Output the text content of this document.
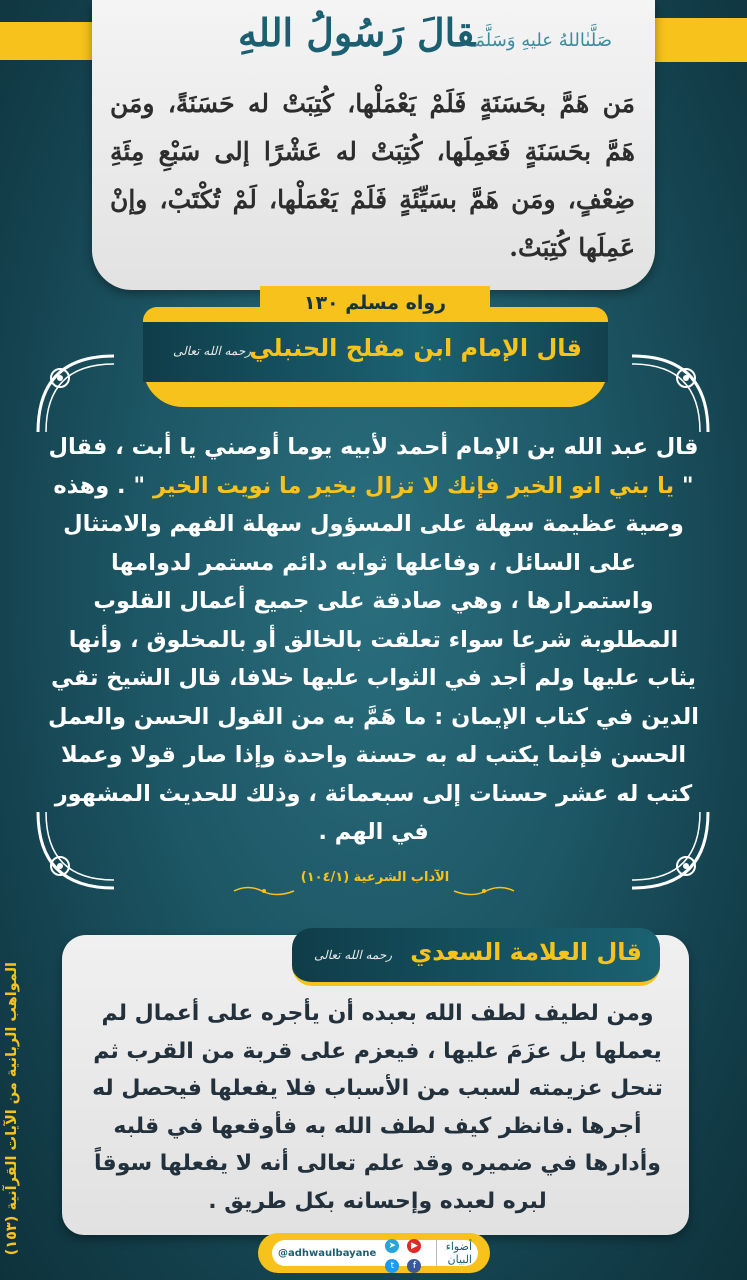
صَلَّىٰاللهُ عليهِ وَسَلَّمَقالَ رَسُولُ اللهِ
مَن هَمَّ بحَسَنَةٍ فَلَمْ يَعْمَلْها، كُتِبَتْ له حَسَنَةً، ومَن هَمَّ بحَسَنَةٍ فَعَمِلَها، كُتِبَتْ له عَشْرًا إلى سَبْعِ مِئَةِ ضِعْفٍ، ومَن هَمَّ بسَيِّئَةٍ فَلَمْ يَعْمَلْها، لَمْ تُكْتَبْ، وإنْ عَمِلَها كُتِبَتْ.
رواه مسلم ١٣٠
قال الإمام ابن مفلح الحنبلي
رحمه الله تعالى
قال عبد الله بن الإمام أحمد لأبيه يوما أوصني يا أبت ، فقال " يا بني انو الخير فإنك لا تزال بخير ما نويت الخير " . وهذه وصية عظيمة سهلة على المسؤول سهلة الفهم والامتثال على السائل ، وفاعلها ثوابه دائم مستمر لدوامها واستمرارها ، وهي صادقة على جميع أعمال القلوب المطلوبة شرعا سواء تعلقت بالخالق أو بالمخلوق ، وأنها يثاب عليها ولم أجد في الثواب عليها خلافا، قال الشيخ تقي الدين في كتاب الإيمان : ما هَمَّ به من القول الحسن والعمل الحسن فإنما يكتب له به حسنة واحدة وإذا صار قولا وعملا كتب له عشر حسنات إلى سبعمائة ، وذلك للحديث المشهور في الهم .
الآداب الشرعية (١٠٤/١)
قال العلامة السعدي
رحمه الله تعالى
ومن لطيف لطف الله بعبده أن يأجره على أعمال لم يعملها بل عزَمَ عليها ، فيعزم على قربة من القرب ثم تنحل عزيمته لسبب من الأسباب فلا يفعلها فيحصل له أجرها .فانظر كيف لطف الله به فأوقعها في قلبه وأدارها في ضميره وقد علم تعالى أنه لا يفعلها سوقاً لبره لعبده وإحسانه بكل طريق .
المواهب الربانية من الآيات القرآنية (١٥٣)
@adhwaulbayane
➤ ▶ t f
أضواء البيان
